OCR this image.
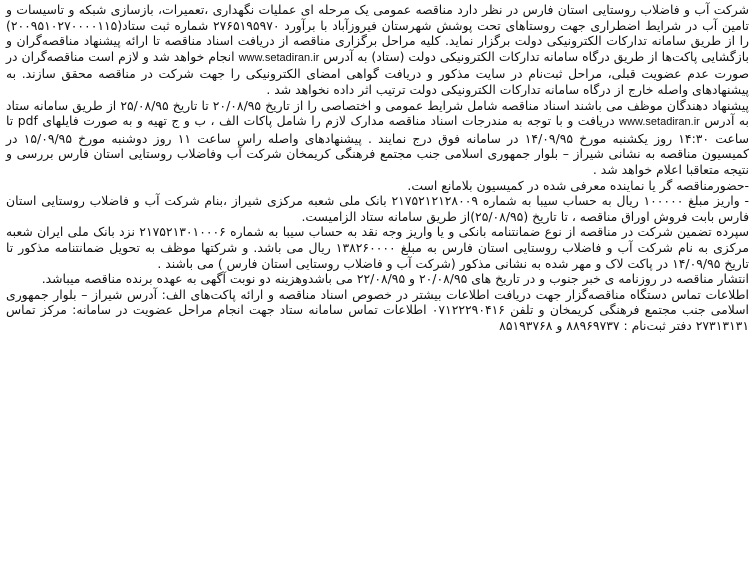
شرکت آب و فاضلاب روستایی استان فارس در نظر دارد مناقصه عمومی یک مرحله ای عملیات نگهداری ،تعمیرات، بازسازی شبکه و تاسیسات و تامین آب در شرایط اضطراری جهت روستاهای تحت پوشش شهرستان فیروزآباد با برآورد ۲۷۶۵۱۹۵۹۷۰ شماره ثبت ستاد(۲۰۰۹۵۱۰۲۷۰۰۰۰۱۱۵) را از طریق سامانه تدارکات الکترونیکی دولت برگزار نماید. کلیه مراحل برگزاری مناقصه از دریافت اسناد مناقصه تا ارائه پیشنهاد مناقصه‌گران و بازگشایی پاکت‌ها از طریق درگاه سامانه تدارکات الکترونیکی دولت (ستاد) به آدرس www.setadiran.ir انجام خواهد شد و لازم است مناقصه‌گران در صورت عدم عضویت قبلی، مراحل ثبت‌نام در سایت مذکور و دریافت گواهی امضای الکترونیکی را جهت شرکت در مناقصه محقق سازند. به پیشنهادهای واصله خارج از درگاه سامانه تدارکات الکترونیکی دولت ترتیب اثر داده نخواهد شد .

پیشنهاد دهندگان موظف می باشند اسناد مناقصه شامل شرایط عمومی و اختصاصی را از تاریخ ۲۰/۰۸/۹۵ تا تاریخ ۲۵/۰۸/۹۵ از طریق سامانه ستاد به آدرس www.setadiran.ir دریافت و با توجه به مندرجات اسناد مناقصه مدارک لازم را شامل پاکات الف ، ب و ج تهیه و به صورت فایلهای pdf تا ساعت ۱۴:۳۰ روز یکشنبه مورخ ۱۴/۰۹/۹۵ در سامانه فوق درج نمایند . پیشنهادهای واصله راس ساعت ۱۱ روز دوشنبه مورخ ۱۵/۰۹/۹۵ در کمیسیون مناقصه به نشانی شیراز – بلوار جمهوری اسلامی جنب مجتمع فرهنگی کریمخان شرکت آب وفاضلاب روستایی استان فارس بررسی و نتیجه متعاقبا اعلام خواهد شد .

-حضورمناقصه گر یا نماینده معرفی شده در کمیسیون بلامانع است.

- واریز مبلغ ۱۰۰۰۰۰ ریال به حساب سیبا به شماره ۲۱۷۵۲۱۲۱۲۸۰۰۹ بانک ملی شعبه مرکزی شیراز ،بنام شرکت آب و فاضلاب روستایی استان فارس بابت فروش اوراق مناقصه ، تا تاریخ (۲۵/۰۸/۹۵)از طریق سامانه ستاد الزامیست.

سپرده تضمین شرکت در مناقصه از نوع ضمانتنامه بانکی و یا واریز وجه نقد به حساب سیبا به شماره ۲۱۷۵۲۱۳۰۱۰۰۰۶ نزد بانک ملی ایران شعبه مرکزی به نام شرکت آب و فاضلاب روستایی استان فارس به مبلغ ۱۳۸۲۶۰۰۰۰ ریال می باشد. و شرکتها موظف به تحویل ضمانتنامه مذکور تا تاریخ ۱۴/۰۹/۹۵ در پاکت لاک و مهر شده به نشانی مذکور (شرکت آب و فاضلاب روستایی استان فارس ) می باشند .

انتشار مناقصه در روزنامه ی خبر جنوب و در تاریخ های ۲۰/۰۸/۹۵ و ۲۲/۰۸/۹۵ می باشدوهزینه دو نوبت آگهی به عهده برنده مناقصه میباشد.

اطلاعات تماس دستگاه مناقصه‌گزار جهت دریافت اطلاعات بیشتر در خصوص اسناد مناقصه و ارائه پاکت‌های الف: آدرس شیراز – بلوار جمهوری اسلامی جنب مجتمع فرهنگی کریمخان و تلفن ۰۷۱۲۲۲۹۰۴۱۶ اطلاعات تماس سامانه ستاد جهت انجام مراحل عضویت در سامانه: مرکز تماس ۲۷۳۱۳۱۳۱ دفتر ثبت‌نام : ۸۸۹۶۹۷۳۷ و ۸۵۱۹۳۷۶۸
